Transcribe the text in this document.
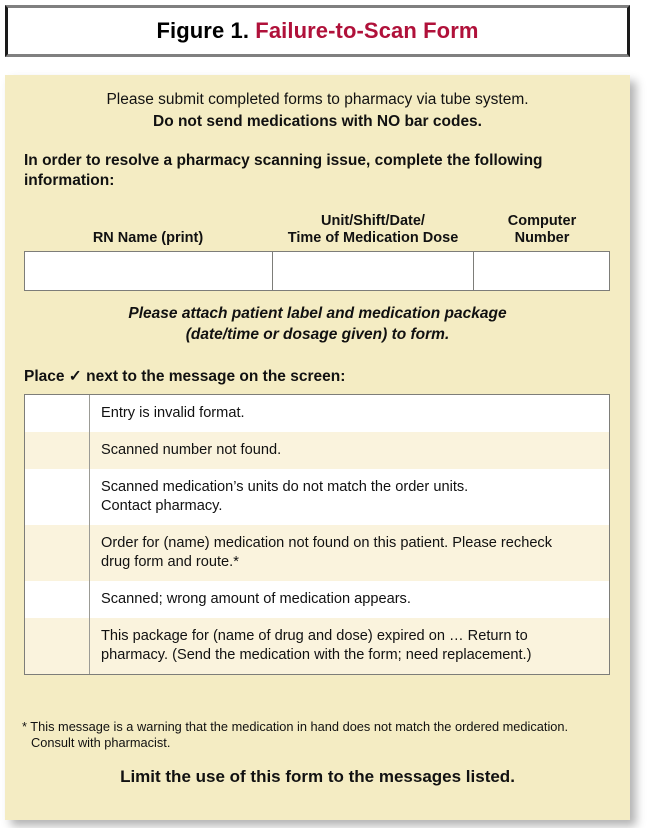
Figure 1. Failure-to-Scan Form
Please submit completed forms to pharmacy via tube system.
Do not send medications with NO bar codes.
In order to resolve a pharmacy scanning issue, complete the following information:
RN Name (print)
Unit/Shift/Date/
Time of Medication Dose
Computer
Number
Please attach patient label and medication package
(date/time or dosage given) to form.
Place ✓ next to the message on the screen:
Entry is invalid format.
Scanned number not found.
Scanned medication’s units do not match the order units.
Contact pharmacy.
Order for (name) medication not found on this patient. Please recheck
drug form and route.*
Scanned; wrong amount of medication appears.
This package for (name of drug and dose) expired on … Return to
pharmacy. (Send the medication with the form; need replacement.)
* This message is a warning that the medication in hand does not match the ordered medication.
Consult with pharmacist.
Limit the use of this form to the messages listed.
